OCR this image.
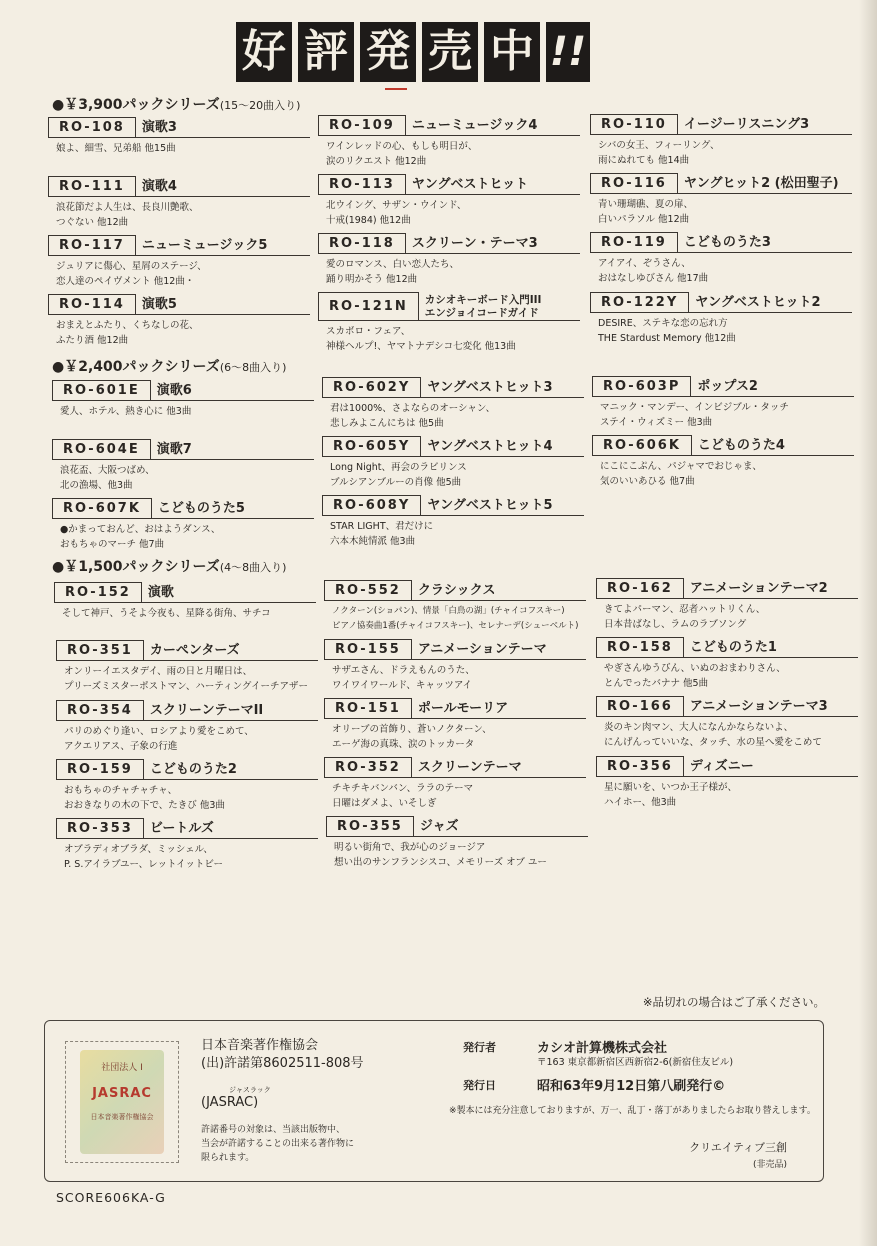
好 評 発 売 中 !!
●￥3,900パックシリーズ(15～20曲入り)
●￥2,400パックシリーズ(6～8曲入り)
●￥1,500パックシリーズ(4～8曲入り)
RO-108	演歌3
娘よ、細雪、兄弟船 他15曲
RO-109	ニューミュージック4
ワインレッドの心、もしも明日が、
涙のリクエスト 他12曲
RO-110	イージーリスニング3
シバの女王、フィーリング、
雨にぬれても 他14曲
RO-111	演歌4
浪花節だよ人生は、長良川艶歌、
つぐない 他12曲
RO-113	ヤングベストヒット
北ウイング、サザン・ウインド、
十戒(1984) 他12曲
RO-116	ヤングヒット2 (松田聖子)
青い珊瑚礁、夏の扉、
白いパラソル 他12曲
RO-117	ニューミュージック5
ジュリアに傷心、星屑のステージ、
恋人達のペイヴメント 他12曲・
RO-118	スクリーン・テーマ3
愛のロマンス、白い恋人たち、
踊り明かそう 他12曲
RO-119	こどものうた3
アイアイ、ぞうさん、
おはなしゆびさん 他17曲
RO-114	演歌5
おまえとふたり、くちなしの花、
ふたり酒 他12曲
RO-121N	カシオキーボード入門III
エンジョイコードガイド
スカボロ・フェア、
神様ヘルプ!、ヤマトナデシコ七変化 他13曲
RO-122Y	ヤングベストヒット2
DESIRE、ステキな恋の忘れ方
THE Stardust Memory 他12曲
RO-601E	演歌6
愛人、ホテル、熱き心に 他3曲
RO-602Y	ヤングベストヒット3
君は1000%、さよならのオーシャン、
悲しみよこんにちは 他5曲
RO-603P	ポップス2
マニック・マンデー、インビジブル・タッチ
ステイ・ウィズミー 他3曲
RO-604E	演歌7
浪花盃、大阪つばめ、
北の漁場、他3曲
RO-605Y	ヤングベストヒット4
Long Night、再会のラビリンス
ブルシアンブルーの肖像 他5曲
RO-606K	こどものうた4
にこにこぷん、パジャマでおじゃま、
気のいいあひる 他7曲
RO-607K	こどものうた5
●かまっておんど、おはようダンス、
おもちゃのマーチ 他7曲
RO-608Y	ヤングベストヒット5
STAR LIGHT、君だけに
六本木純情派 他3曲
RO-152	演歌
そして神戸、うそよ今夜も、星降る街角、サチコ
RO-552	クラシックス
ノクターン(ショパン)、情景「白鳥の湖」(チャイコフスキー)
ピアノ協奏曲1番(チャイコフスキー)、セレナーデ(シューベルト)
RO-162	アニメーションテーマ2
きてよパーマン、忍者ハットリくん、
日本昔ばなし、ラムのラブソング
RO-351	カーペンターズ
オンリーイエスタデイ、雨の日と月曜日は、
プリーズミスターポストマン、ハーティングイーチアザー
RO-155	アニメーションテーマ
サザエさん、ドラえもんのうた、
ワイワイワールド、キャッツアイ
RO-158	こどものうた1
やぎさんゆうびん、いぬのおまわりさん、
とんでったバナナ 他5曲
RO-354	スクリーンテーマII
パリのめぐり逢い、ロシアより愛をこめて、
アクエリアス、子象の行進
RO-151	ポールモーリア
オリーブの首飾り、蒼いノクターン、
エーゲ海の真珠、涙のトッカータ
RO-166	アニメーションテーマ3
炎のキン肉マン、大人になんかならないよ、
にんげんっていいな、タッチ、水の星へ愛をこめて
RO-159	こどものうた2
おもちゃのチャチャチャ、
おおきなりの木の下で、たきび 他3曲
RO-352	スクリーンテーマ
チキチキバンバン、ララのテーマ
日曜はダメよ、いそしぎ
RO-356	ディズニー
星に願いを、いつか王子様が、
ハイホー、他3曲
RO-353	ビートルズ
オブラディオブラダ、ミッシェル、
P. S.アイラブユー、レットイットビー
RO-355	ジャズ
明るい街角で、我が心のジョージア
想い出のサンフランシスコ、メモリーズ オブ ユー
※品切れの場合はご了承ください。
社団法人 I
JASRAC
日本音楽著作権協会
日本音楽著作権協会
(出)許諾第8602511-808号
ジャスラック
(JASRAC)
許諾番号の対象は、当該出版物中、
当会が許諾することの出来る著作物に
限られます。
発行者	カシオ計算機株式会社
〒163 東京都新宿区西新宿2-6(新宿住友ビル)
発行日	昭和63年9月12日第八刷発行©
※製本には充分注意しておりますが、万一、乱丁・落丁がありましたらお取り替えします。
クリエイティブ三創
(非売品)
SCORE606KA-G
